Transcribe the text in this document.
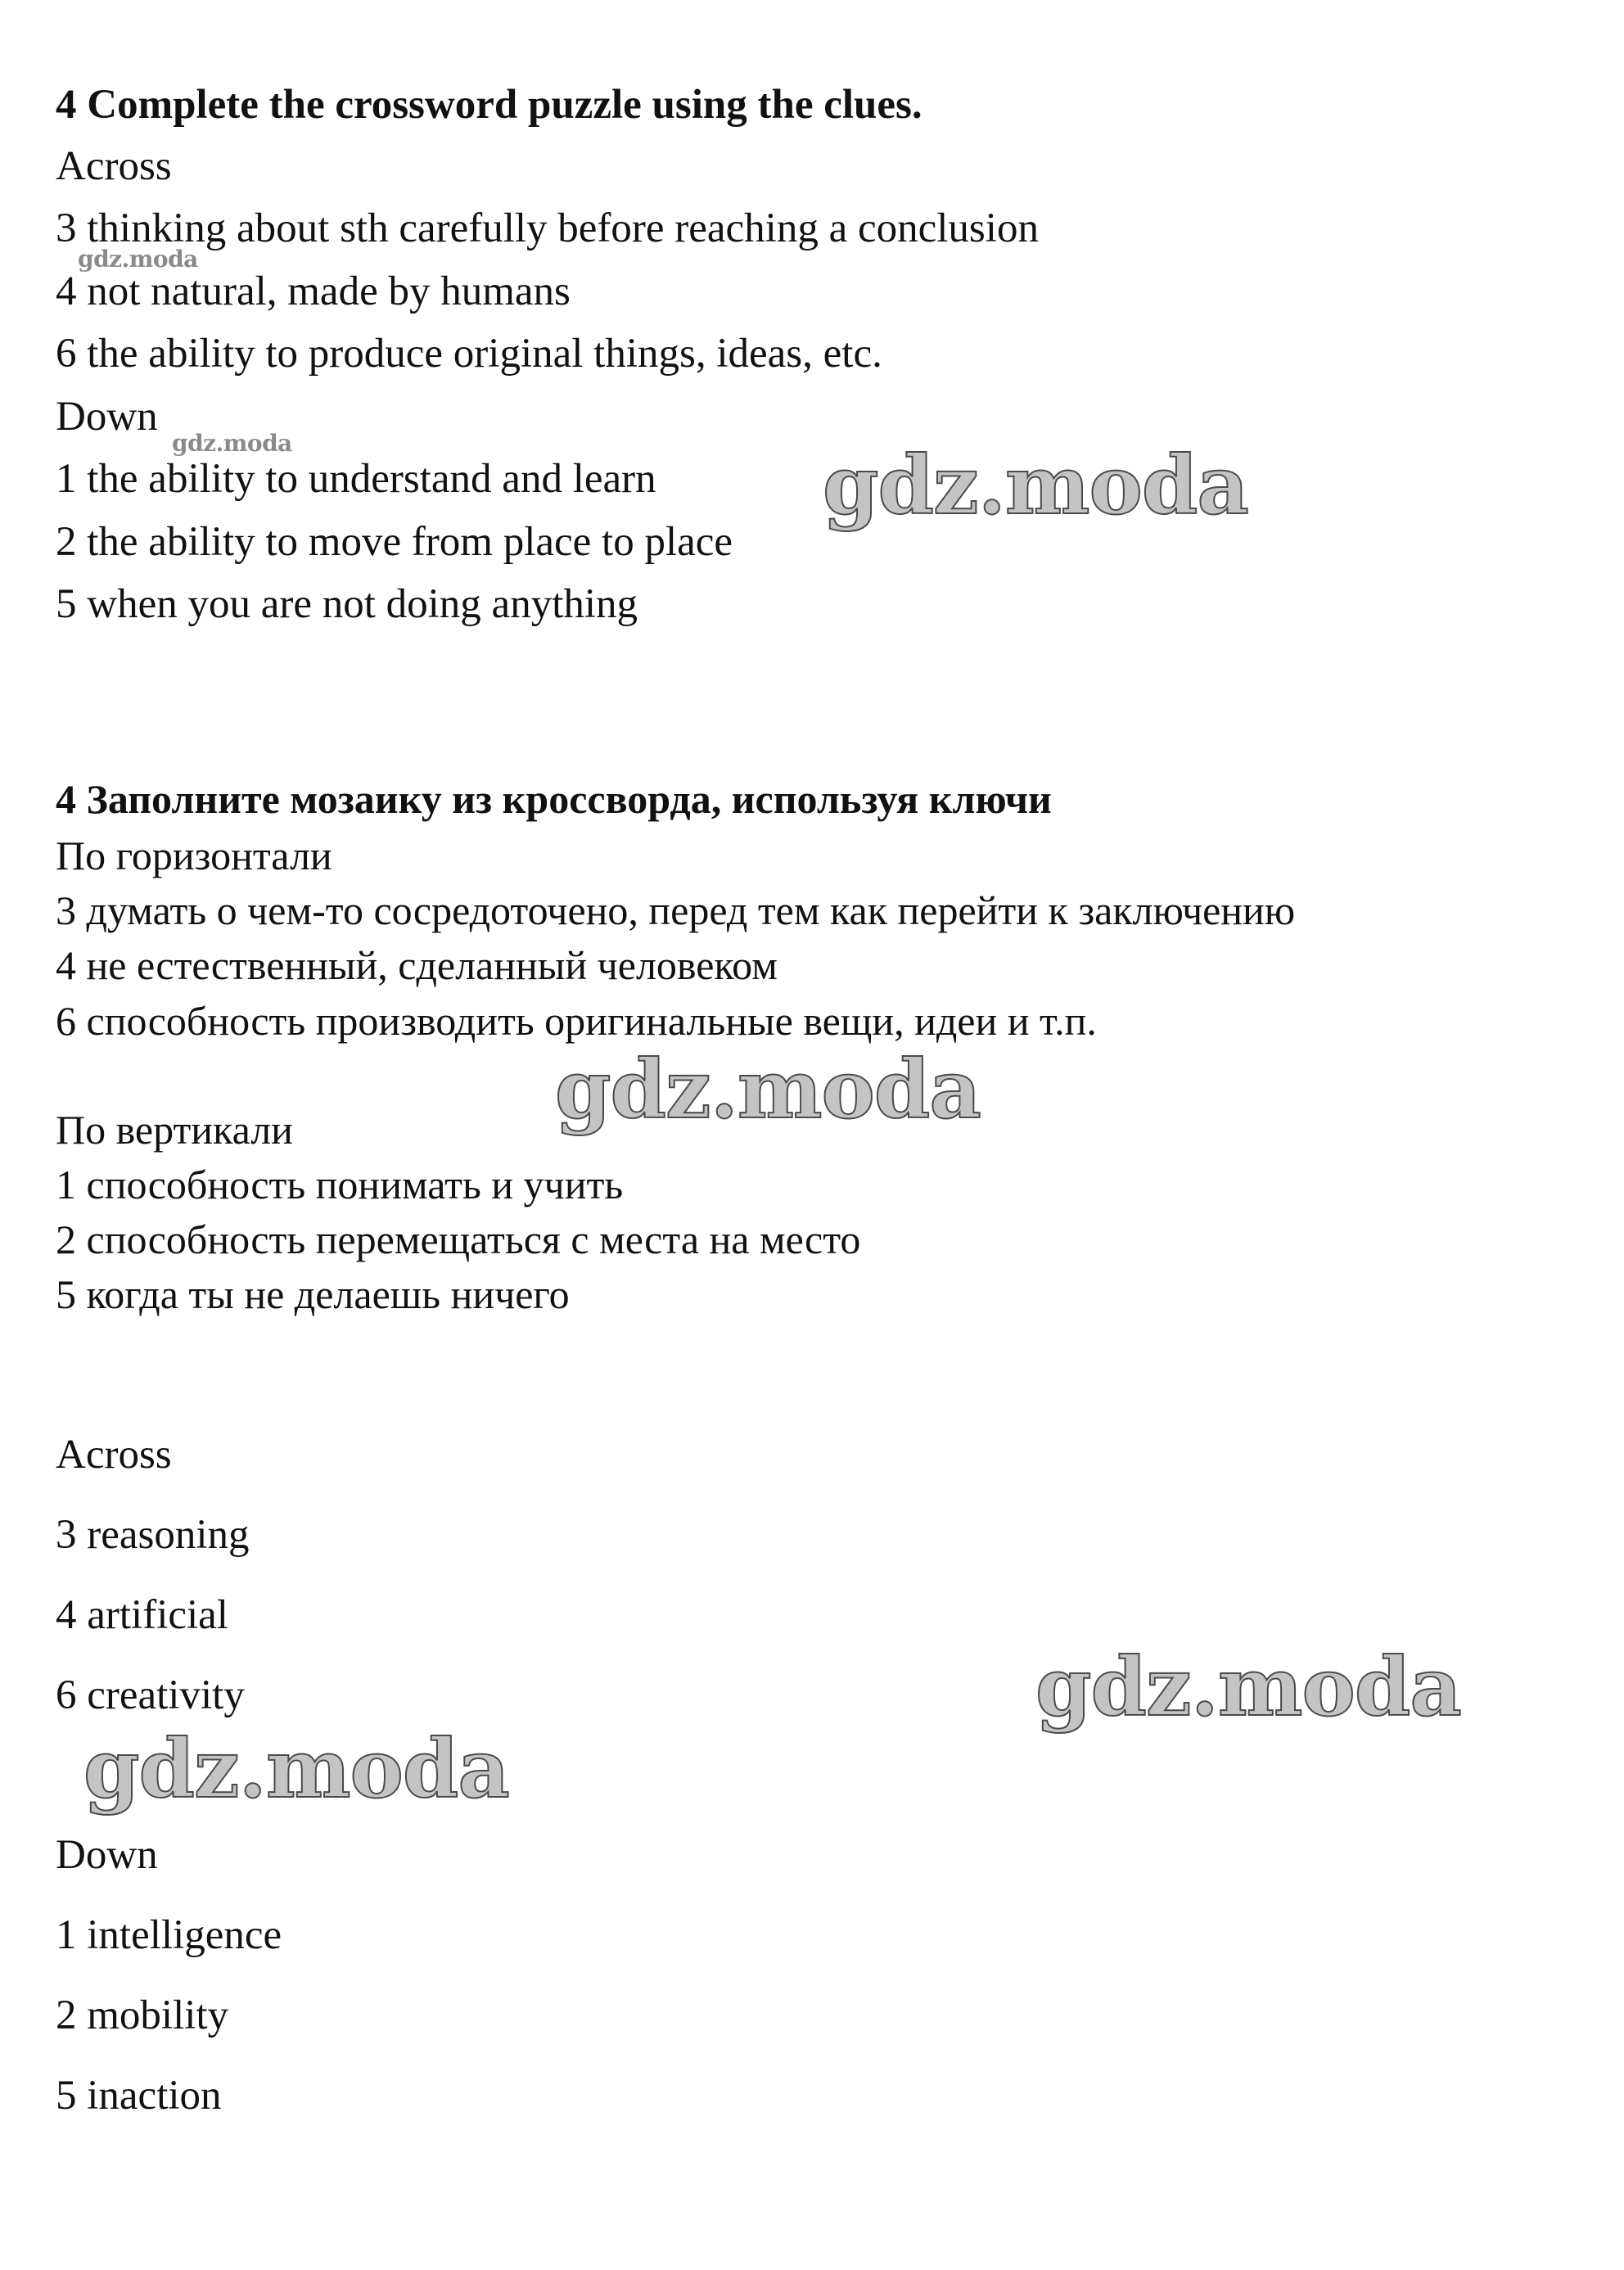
4 Complete the crossword puzzle using the clues.
Across
3 thinking about sth carefully before reaching a conclusion
4 not natural, made by humans
6 the ability to produce original things, ideas, etc.
Down
1 the ability to understand and learn
2 the ability to move from place to place
5 when you are not doing anything
4 Заполните мозаику из кроссворда, используя ключи
По горизонтали
3 думать о чем-то сосредоточено, перед тем как перейти к заключению
4 не естественный, сделанный человеком
6 способность производить оригинальные вещи, идеи и т.п.
По вертикали
1 способность понимать и учить
2 способность перемещаться с места на место
5 когда ты не делаешь ничего
Across
3 reasoning
4 artificial
6 creativity
Down
1 intelligence
2 mobility
5 inaction
gdz.moda
gdz.moda	gdz.moda
gdz.moda
gdz.moda
gdz.moda
